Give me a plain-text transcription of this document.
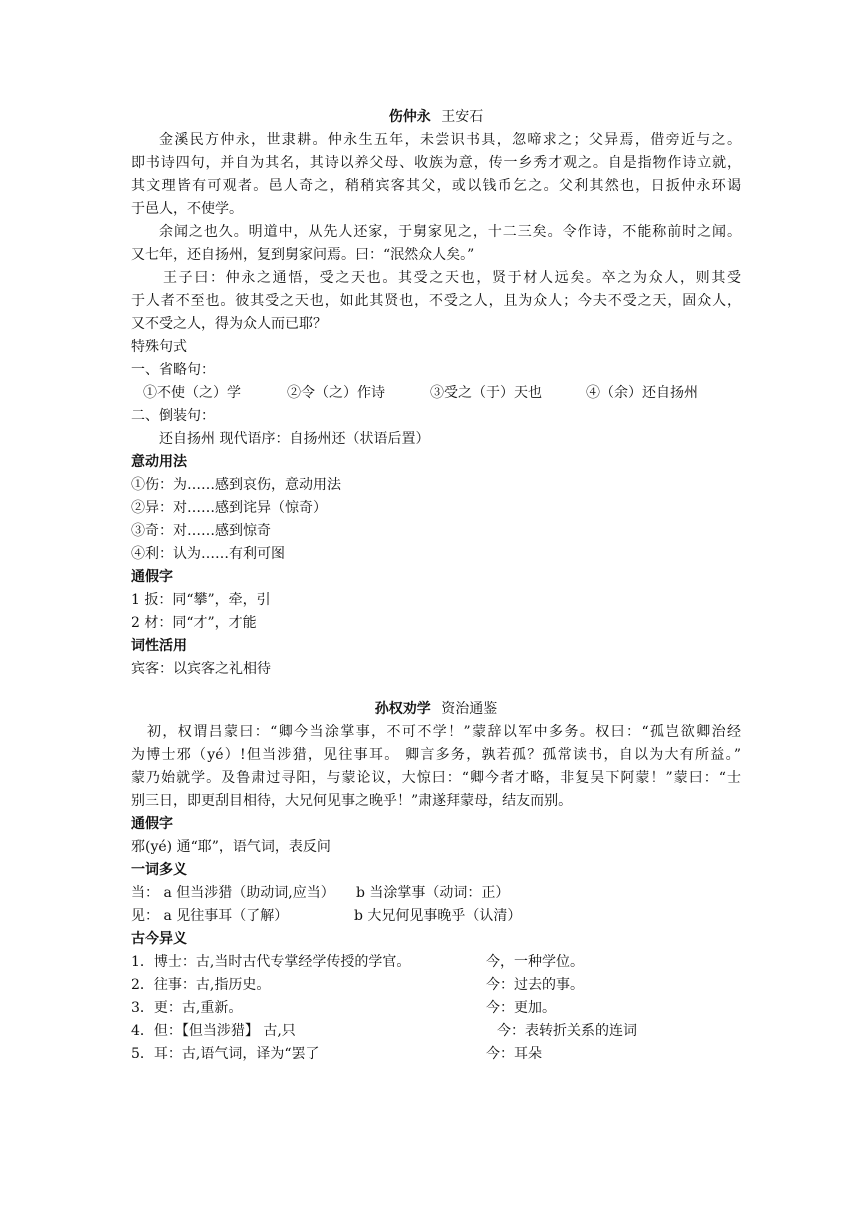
伤仲永 王安石
金溪民方仲永，世隶耕。仲永生五年，未尝识书具，忽啼求之；父异焉，借旁近与之。
即书诗四句，并自为其名，其诗以养父母、收族为意，传一乡秀才观之。自是指物作诗立就，
其文理皆有可观者。邑人奇之，稍稍宾客其父，或以钱币乞之。父利其然也，日扳仲永环谒
于邑人，不使学。
余闻之也久。明道中，从先人还家，于舅家见之，十二三矣。令作诗，不能称前时之闻。
又七年，还自扬州，复到舅家问焉。曰：“泯然众人矣。”
王子曰：仲永之通悟，受之天也。其受之天也，贤于材人远矣。卒之为众人，则其受
于人者不至也。彼其受之天也，如此其贤也，不受之人，且为众人；今夫不受之天，固众人，
又不受之人，得为众人而已耶？
特殊句式
一、省略句：
①不使（之）学	②令（之）作诗	③受之（于）天也	④（余）还自扬州
二、倒装句：
还自扬州 现代语序：自扬州还（状语后置）
意动用法
①伤：为……感到哀伤，意动用法
②异：对……感到诧异（惊奇）
③奇：对……感到惊奇
④利：认为……有利可图
通假字
1 扳：同“攀”，牵，引
2 材：同“才”，才能
词性活用
宾客：以宾客之礼相待
孙权劝学 资治通鉴
初，权谓吕蒙曰：“卿今当涂掌事，不可不学！”蒙辞以军中多务。权曰：“孤岂欲卿治经
为博士邪（yé）!但当涉猎，见往事耳。 卿言多务，孰若孤？孤常读书，自以为大有所益。”
蒙乃始就学。及鲁肃过寻阳，与蒙论议，大惊曰：“卿今者才略，非复吴下阿蒙！”蒙曰：“士
别三日，即更刮目相待，大兄何见事之晚乎！”肃遂拜蒙母，结友而别。
通假字
邪(yé) 通“耶”，语气词，表反问
一词多义
当： a 但当涉猎（助动词,应当） b 当涂掌事（动词：正）
见： a 见往事耳（了解）	b 大兄何见事晚乎（认清）
古今异义
1．博士：古,当时古代专掌经学传授的学官。	今，一种学位。
2．往事：古,指历史。	今：过去的事。
3．更：古,重新。	今：更加。
4．但：【但当涉猎】 古,只	今：表转折关系的连词
5．耳：古,语气词，译为“罢了	今：耳朵
